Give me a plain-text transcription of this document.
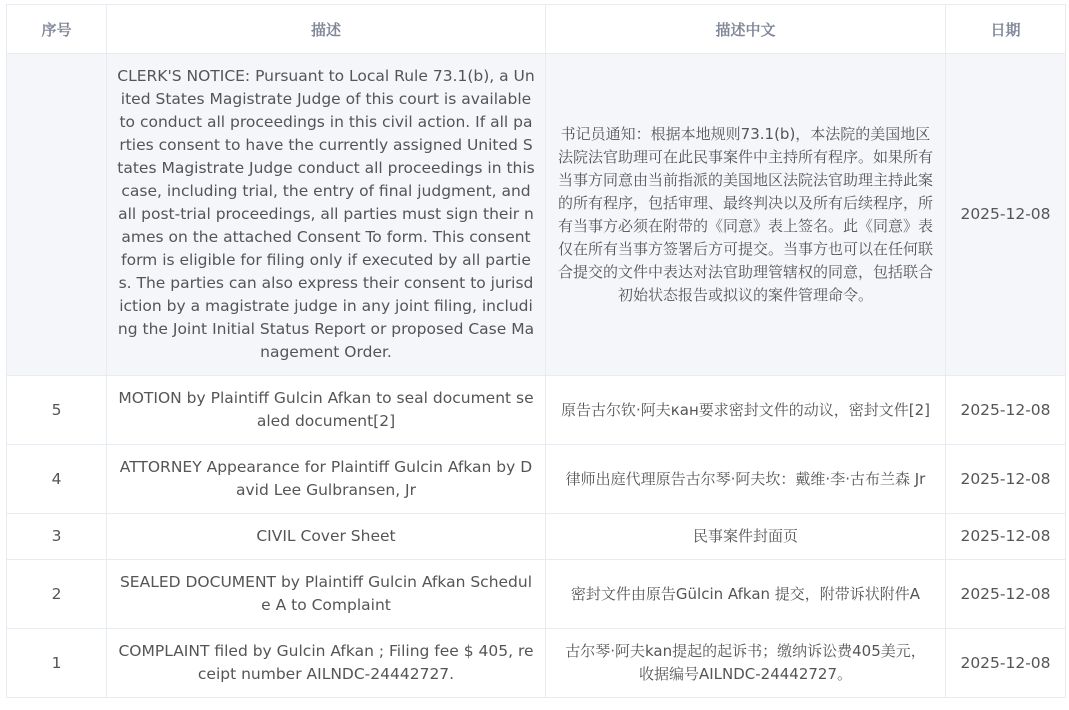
序号	描述	描述中文	日期
	CLERK'S NOTICE: Pursuant to Local Rule 73.1(b), a United States Magistrate Judge of this court is available to conduct all proceedings in this civil action. If all parties consent to have the currently assigned United States Magistrate Judge conduct all proceedings in this case, including trial, the entry of final judgment, and all post-trial proceedings, all parties must sign their names on the attached Consent To form. This consent form is eligible for filing only if executed by all parties. The parties can also express their consent to jurisdiction by a magistrate judge in any joint filing, including the Joint Initial Status Report or proposed Case Management Order.	书记员通知：根据本地规则73.1(b)，本法院的美国地区法院法官助理可在此民事案件中主持所有程序。如果所有当事方同意由当前指派的美国地区法院法官助理主持此案的所有程序，包括审理、最终判决以及所有后续程序，所有当事方必须在附带的《同意》表上签名。此《同意》表仅在所有当事方签署后方可提交。当事方也可以在任何联合提交的文件中表达对法官助理管辖权的同意，包括联合初始状态报告或拟议的案件管理命令。	2025-12-08
5	MOTION by Plaintiff Gulcin Afkan to seal document sealed document[2]	原告古尔钦·阿夫кан要求密封文件的动议，密封文件[2]	2025-12-08
4	ATTORNEY Appearance for Plaintiff Gulcin Afkan by David Lee Gulbransen, Jr	律师出庭代理原告古尔琴·阿夫坎：戴维·李·古布兰森 Jr	2025-12-08
3	CIVIL Cover Sheet	民事案件封面页	2025-12-08
2	SEALED DOCUMENT by Plaintiff Gulcin Afkan Schedule A to Complaint	密封文件由原告Gülcin Afkan 提交，附带诉状附件A	2025-12-08
1	COMPLAINT filed by Gulcin Afkan ; Filing fee $ 405, receipt number AILNDC-24442727.	古尔琴·阿夫kan提起的起诉书；缴纳诉讼费405美元，收据编号AILNDC-24442727。	2025-12-08
